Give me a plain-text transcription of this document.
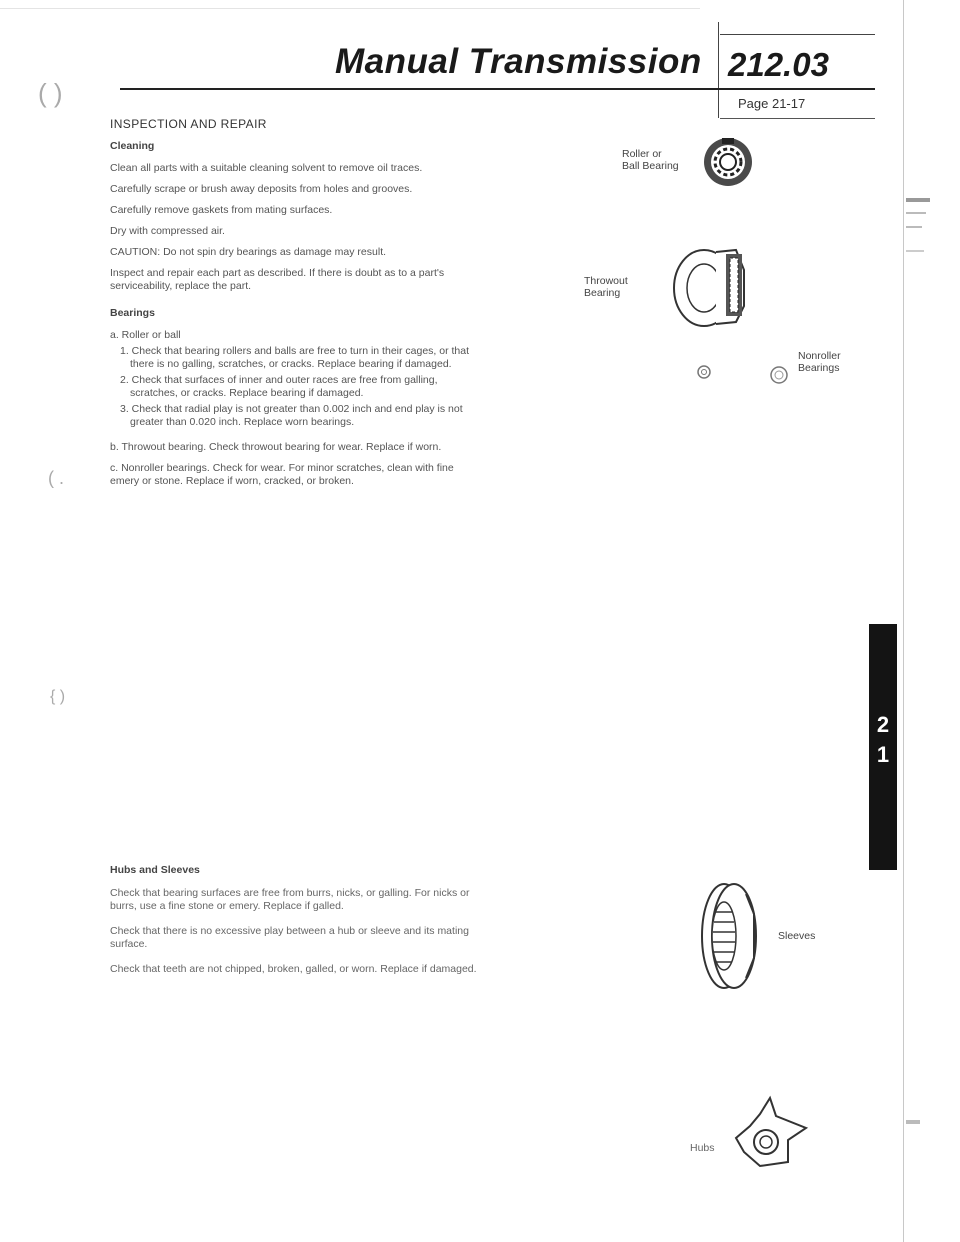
Manual Transmission 212.03
Page 21-17
( )
( .
{ )
INSPECTION AND REPAIR
Cleaning

Clean all parts with a suitable cleaning solvent to remove oil traces.

Carefully scrape or brush away deposits from holes and grooves.

Carefully remove gaskets from mating surfaces.

Dry with compressed air.

CAUTION: Do not spin dry bearings as damage may result.

Inspect and repair each part as described. If there is doubt as to a part's serviceability, replace the part.

Bearings
a. Roller or ball
1. Check that bearing rollers and balls are free to turn in their cages, or that there is no galling, scratches, or cracks. Replace bearing if damaged.
2. Check that surfaces of inner and outer races are free from galling, scratches, or cracks. Replace bearing if damaged.
3. Check that radial play is not greater than 0.002 inch and end play is not greater than 0.020 inch. Replace worn bearings.

b. Throwout bearing. Check throwout bearing for wear. Replace if worn.

c. Nonroller bearings. Check for wear. For minor scratches, clean with fine emery or stone. Replace if worn, cracked, or broken.

Hubs and Sleeves

Check that bearing surfaces are free from burrs, nicks, or galling. For nicks or burrs, use a fine stone or emery. Replace if galled.

Check that there is no excessive play between a hub or sleeve and its mating surface.

Check that teeth are not chipped, broken, galled, or worn. Replace if damaged.

Roller or
Ball Bearing
Throwout
Bearing
Nonroller
Bearings
Sleeves
Hubs
2
1
